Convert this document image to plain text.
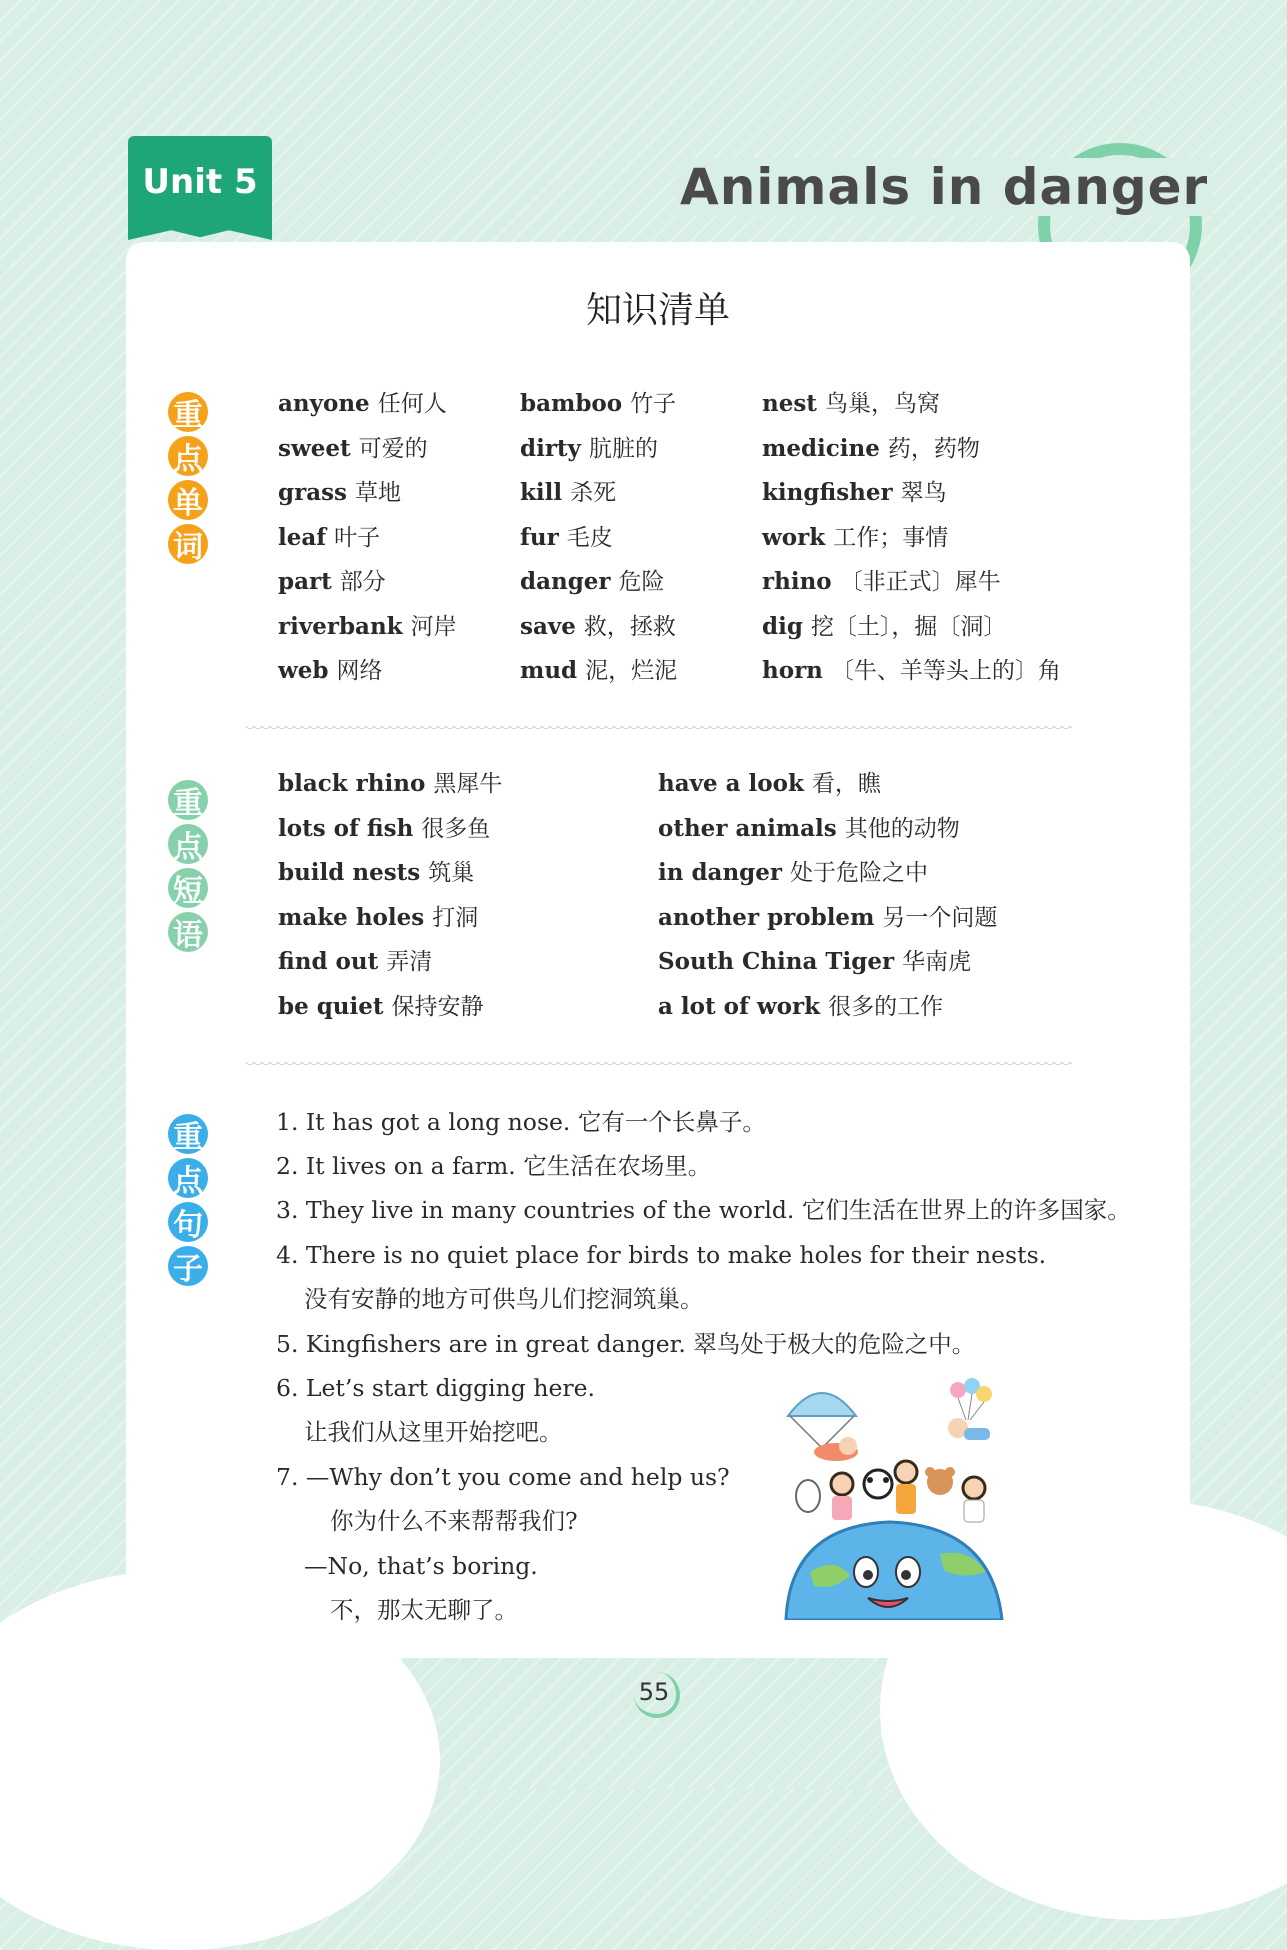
Unit 5	Animals in danger
知识清单
重
点
单
词
anyone 任何人
sweet 可爱的
grass 草地
leaf 叶子
part 部分
riverbank 河岸
web 网络
bamboo 竹子
dirty 肮脏的
kill 杀死
fur 毛皮
danger 危险
save 救，拯救
mud 泥，烂泥
nest 鸟巢，鸟窝
medicine 药，药物
kingfisher 翠鸟
work 工作；事情
rhino 〔非正式〕犀牛
dig 挖〔土〕，掘〔洞〕
horn 〔牛、羊等头上的〕角
重
点
短
语
black rhino 黑犀牛
lots of fish 很多鱼
build nests 筑巢
make holes 打洞
find out 弄清
be quiet 保持安静
have a look 看，瞧
other animals 其他的动物
in danger 处于危险之中
another problem 另一个问题
South China Tiger 华南虎
a lot of work 很多的工作
重
点
句
子
1. It has got a long nose. 它有一个长鼻子。
2. It lives on a farm. 它生活在农场里。
3. They live in many countries of the world. 它们生活在世界上的许多国家。
4. There is no quiet place for birds to make holes for their nests.
没有安静的地方可供鸟儿们挖洞筑巢。
5. Kingfishers are in great danger. 翠鸟处于极大的危险之中。
6. Let’s start digging here.
让我们从这里开始挖吧。
7. —Why don’t you come and help us?
你为什么不来帮帮我们?
—No, that’s boring.
不，那太无聊了。
55
